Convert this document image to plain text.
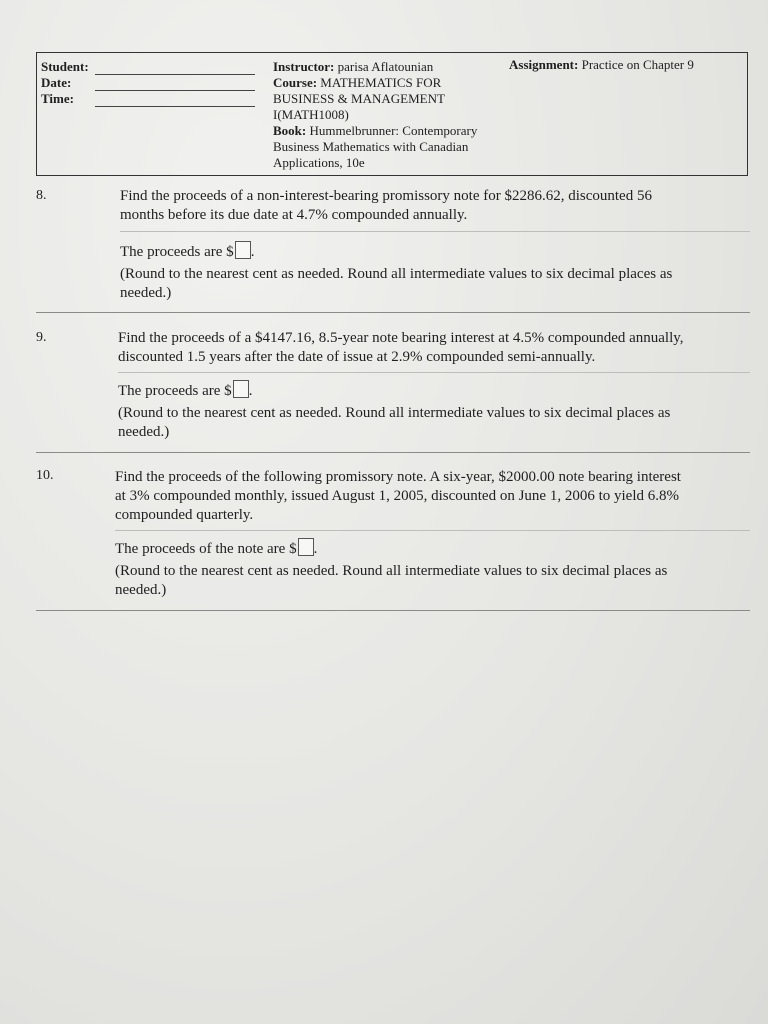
Student:
Date:
Time:
Instructor: parisa Aflatounian
Course: MATHEMATICS FOR
BUSINESS & MANAGEMENT
I(MATH1008)
Book: Hummelbrunner: Contemporary
Business Mathematics with Canadian
Applications, 10e
Assignment: Practice on Chapter 9
8.	Find the proceeds of a non-interest-bearing promissory note for $2286.62, discounted 56
months before its due date at 4.7% compounded annually.
The proceeds are $ .
(Round to the nearest cent as needed. Round all intermediate values to six decimal places as
needed.)
9.	Find the proceeds of a $4147.16, 8.5-year note bearing interest at 4.5% compounded annually,
discounted 1.5 years after the date of issue at 2.9% compounded semi-annually.
The proceeds are $ .
(Round to the nearest cent as needed. Round all intermediate values to six decimal places as
needed.)
10.	Find the proceeds of the following promissory note. A six-year, $2000.00 note bearing interest
at 3% compounded monthly, issued August 1, 2005, discounted on June 1, 2006 to yield 6.8%
compounded quarterly.
The proceeds of the note are $ .
(Round to the nearest cent as needed. Round all intermediate values to six decimal places as
needed.)
